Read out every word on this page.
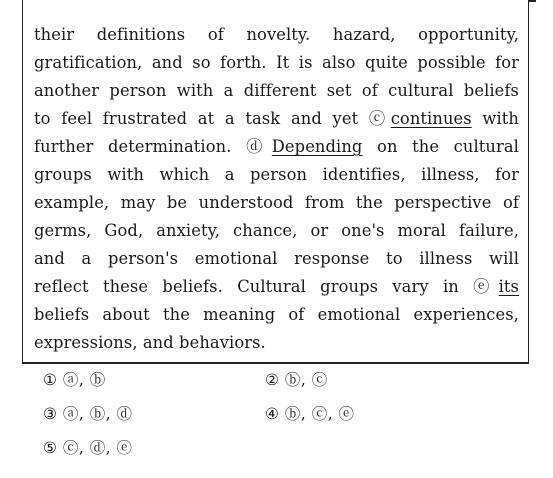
their definitions of novelty. hazard, opportunity,
gratification, and so forth. It is also quite possible for
another person with a different set of cultural beliefs
to feel frustrated at a task and yet ⓒcontinues with
further determination. ⓓDepending on the cultural
groups with which a person identifies, illness, for
example, may be understood from the perspective of
germs, God, anxiety, chance, or one's moral failure,
and a person's emotional response to illness will
reflect these beliefs. Cultural groups vary in ⓔits
beliefs about the meaning of emotional experiences,
expressions, and behaviors.
① ⓐ, ⓑ	② ⓑ, ⓒ
③ ⓐ, ⓑ, ⓓ	④ ⓑ, ⓒ, ⓔ
⑤ ⓒ, ⓓ, ⓔ
